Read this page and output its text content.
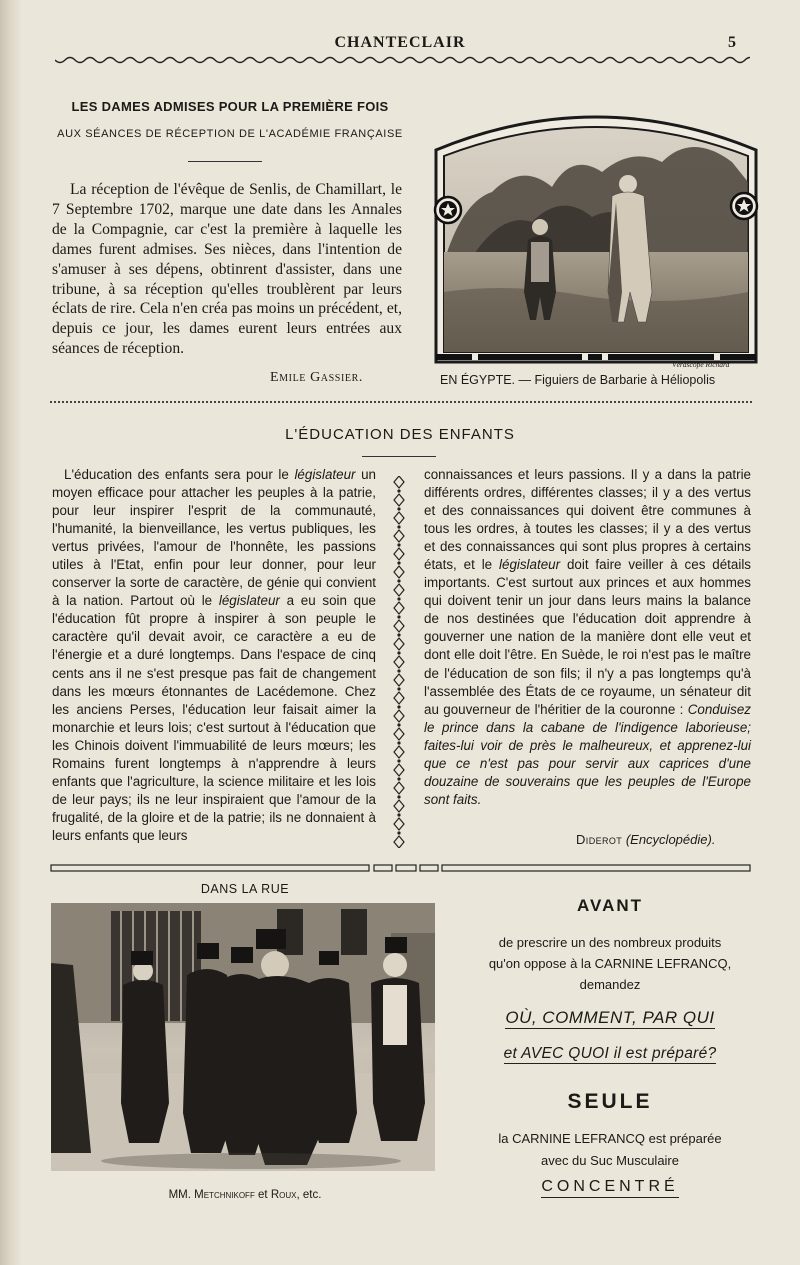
CHANTECLAIR	5
LES DAMES ADMISES POUR LA PREMIÈRE FOIS
AUX SÉANCES DE RÉCEPTION DE L'ACADÉMIE FRANÇAISE
La réception de l'évêque de Senlis, de Chamillart, le 7 Septembre 1702, marque une date dans les Annales de la Compagnie, car c'est la première à laquelle les dames furent admises. Ses nièces, dans l'intention de s'amuser à ses dépens, obtinrent d'assister, dans une tribune, à sa réception qu'elles troublèrent par leurs éclats de rire. Cela n'en créa pas moins un précédent, et, depuis ce jour, les dames eurent leurs entrées aux séances de réception.
Emile Gassier.
Vérascope Richard
EN ÉGYPTE. — Figuiers de Barbarie à Héliopolis
L'ÉDUCATION DES ENFANTS

L'éducation des enfants sera pour le législateur un moyen efficace pour attacher les peuples à la patrie, pour leur inspirer l'esprit de la communauté, l'humanité, la bienveillance, les vertus publiques, les vertus privées, l'amour de l'honnête, les passions utiles à l'Etat, enfin pour leur donner, pour leur conserver la sorte de caractère, de génie qui convient à la nation. Partout où le législateur a eu soin que l'éducation fût propre à inspirer à son peuple le caractère qu'il devait avoir, ce caractère a eu de l'énergie et a duré longtemps. Dans l'espace de cinq cents ans il ne s'est presque pas fait de changement dans les mœurs étonnantes de Lacédemone. Chez les anciens Perses, l'éducation leur faisait aimer la monarchie et leurs lois; c'est surtout à l'éducation que les Chinois doivent l'immuabilité de leurs mœurs; les Romains furent longtemps à n'apprendre à leurs enfants que l'agriculture, la science militaire et les lois de leur pays; ils ne leur inspiraient que l'amour de la frugalité, de la gloire et de la patrie; ils ne donnaient à leurs enfants que leurs

connaissances et leurs passions. Il y a dans la patrie différents ordres, différentes classes; il y a des vertus et des connaissances qui doivent être communes à tous les ordres, à toutes les classes; il y a des vertus et des connaissances qui sont plus propres à certains états, et le législateur doit faire veiller à ces détails importants. C'est surtout aux princes et aux hommes qui doivent tenir un jour dans leurs mains la balance de nos destinées que l'éducation doit apprendre à gouverner une nation de la manière dont elle veut et dont elle doit l'être. En Suède, le roi n'est pas le maître de l'éducation de son fils; il n'y a pas longtemps qu'à l'assemblée des États de ce royaume, un sénateur dit au gouverneur de l'héritier de la couronne : Conduisez le prince dans la cabane de l'indigence laborieuse; faites-lui voir de près le malheureux, et apprenez-lui que ce n'est pas pour servir aux caprices d'une douzaine de souverains que les peuples de l'Europe sont faits.

Diderot (Encyclopédie).
DANS LA RUE
MM. Metchnikoff et Roux, etc.
AVANT
de prescrire un des nombreux produits
qu'on oppose à la CARNINE LEFRANCQ,
demandez
OÙ, COMMENT, PAR QUI
et AVEC QUOI il est préparé?
SEULE
la CARNINE LEFRANCQ est préparée
avec du Suc Musculaire
CONCENTRÉ
